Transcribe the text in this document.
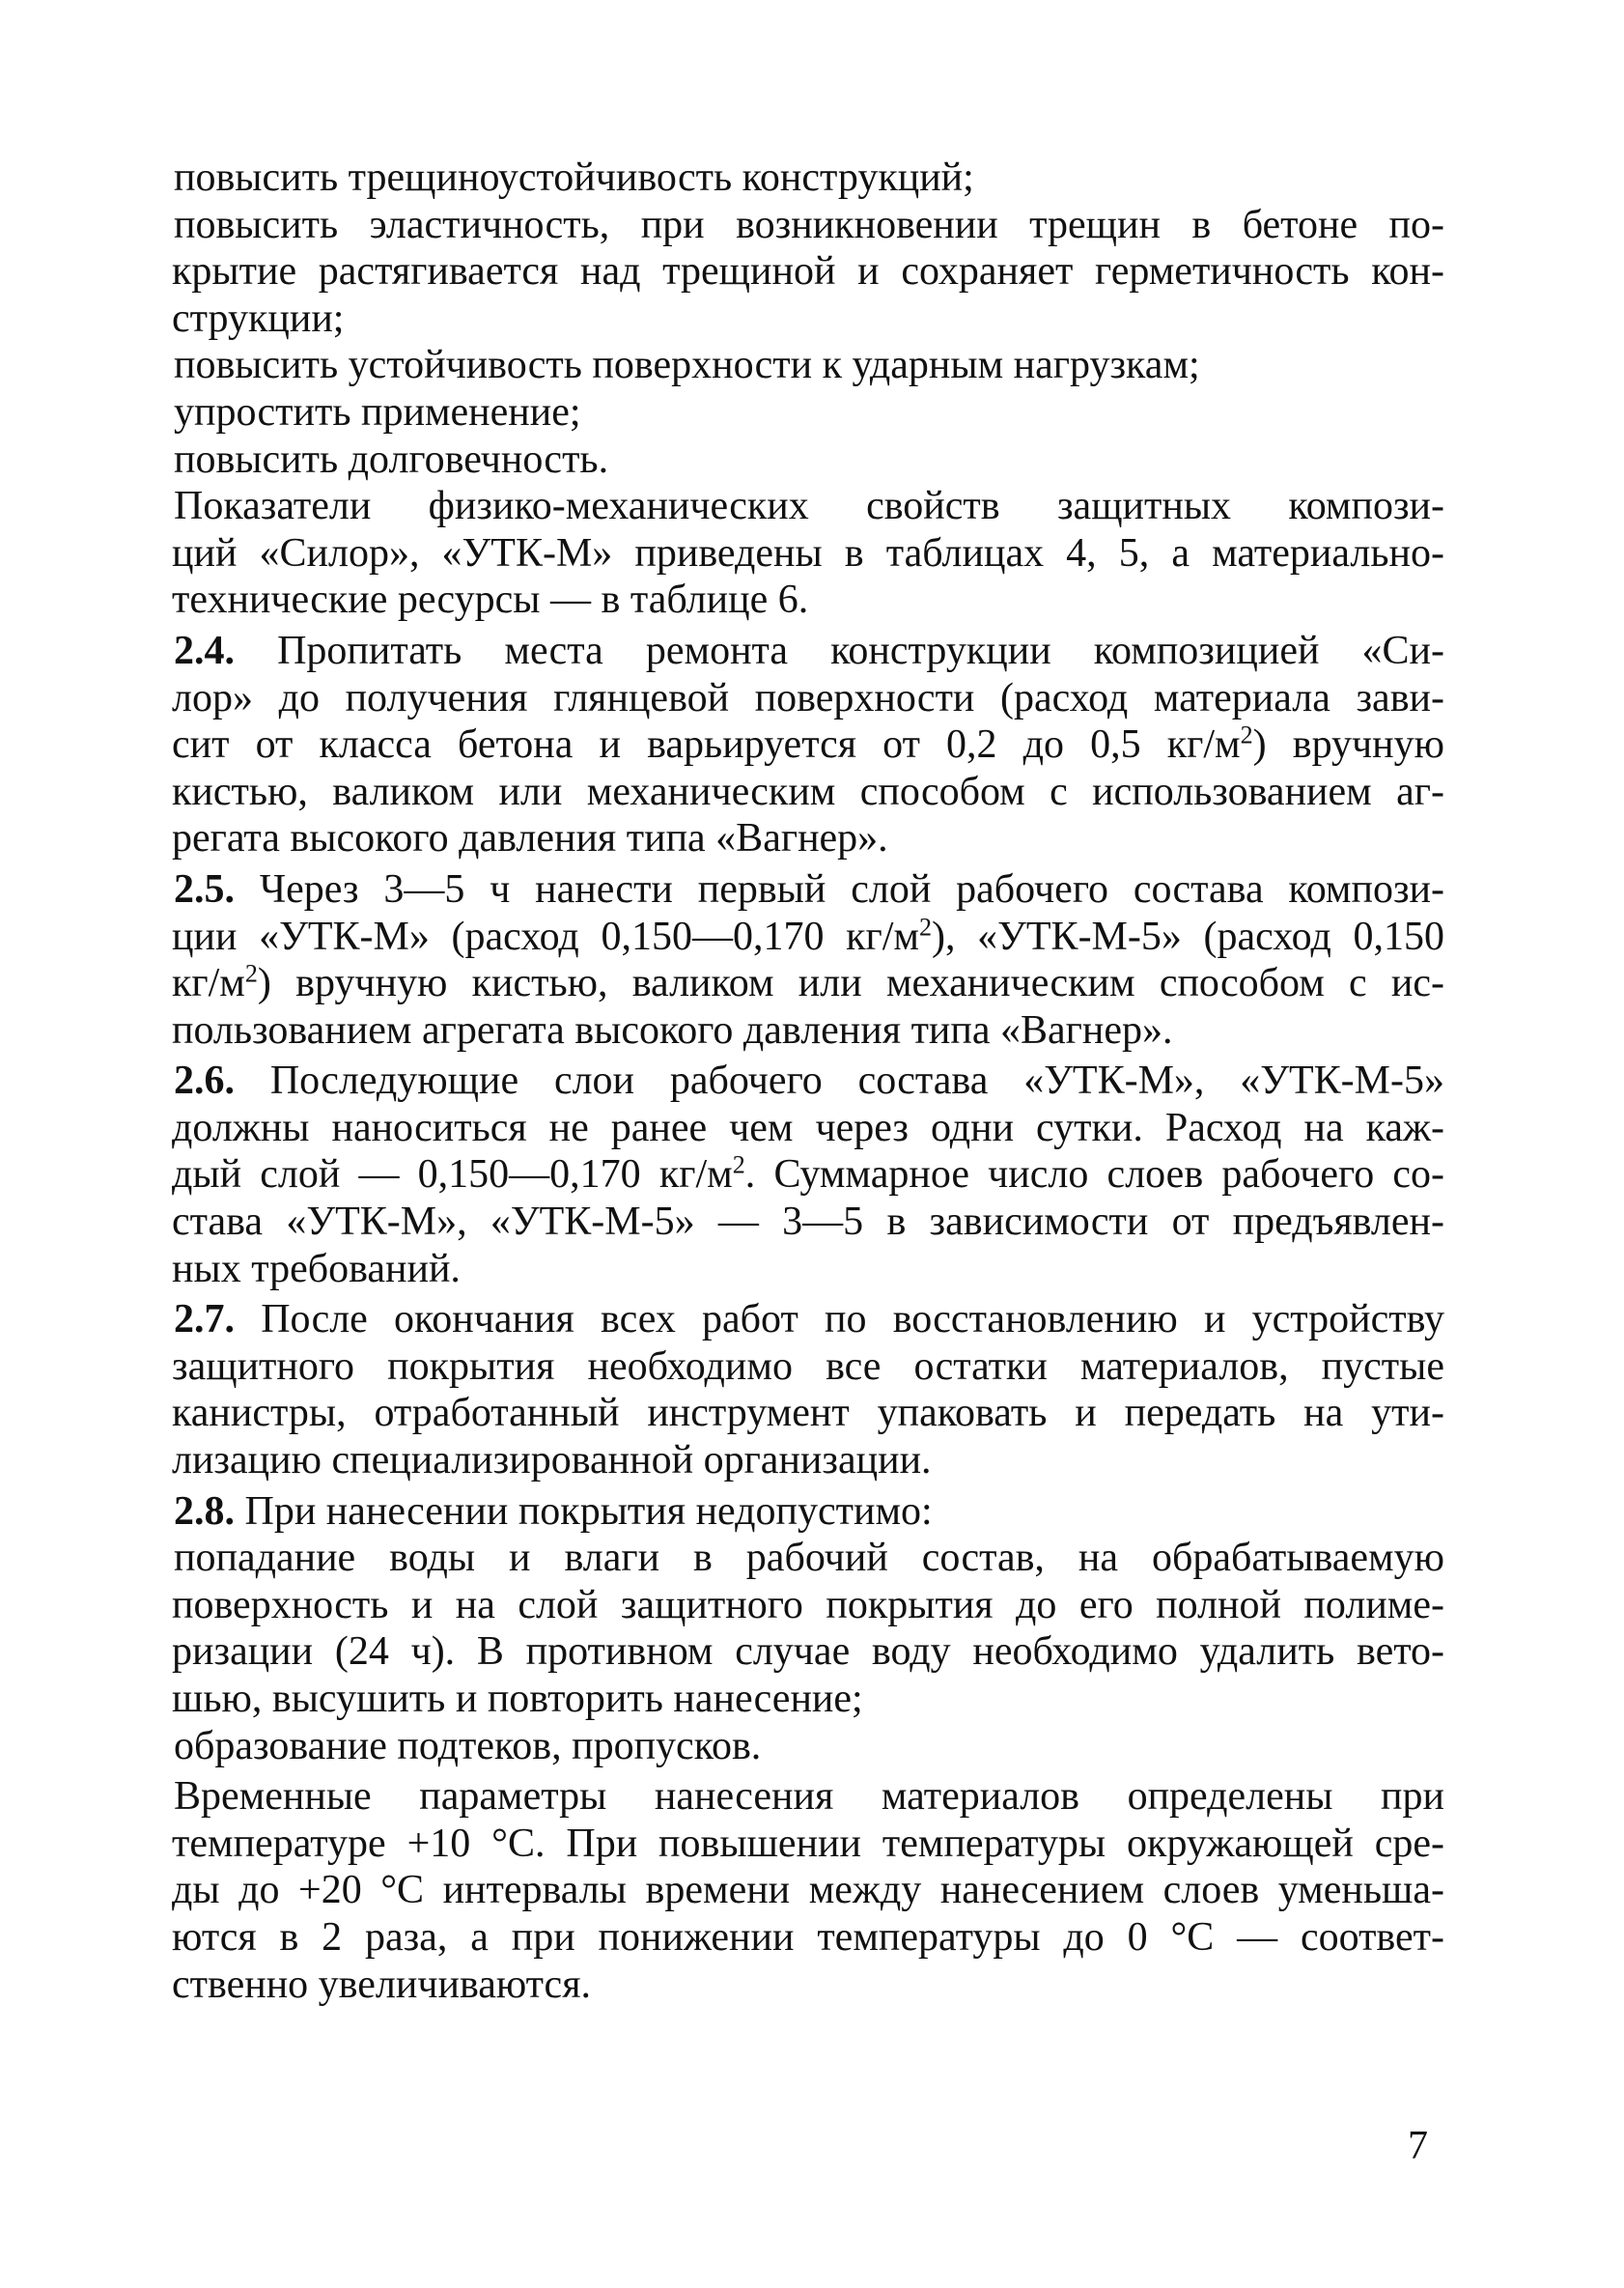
повысить трещиноустойчивость конструкций;

повысить эластичность, при возникновении трещин в бетоне по-

крытие растягивается над трещиной и сохраняет герметичность кон-

струкции;

повысить устойчивость поверхности к ударным нагрузкам;

упростить применение;

повысить долговечность.

Показатели физико-механических свойств защитных компози-

ций «Силор», «УТК-М» приведены в таблицах 4, 5, а материально-

технические ресурсы — в таблице 6.

2.4. Пропитать места ремонта конструкции композицией «Си-

лор» до получения глянцевой поверхности (расход материала зави-

сит от класса бетона и варьируется от 0,2 до 0,5 $кг/м^2$) вручную

кистью, валиком или механическим способом с использованием аг-

регата высокого давления типа «Вагнер».

2.5. Через 3—5 ч нанести первый слой рабочего состава компози-

ции «УТК-М» (расход 0,150—0,170 $кг/м^2$), «УТК-М-5» (расход 0,150

$кг/м^2$) вручную кистью, валиком или механическим способом с ис-

пользованием агрегата высокого давления типа «Вагнер».

2.6. Последующие слои рабочего состава «УТК-М», «УТК-М-5»

должны наноситься не ранее чем через одни сутки. Расход на каж-

дый слой — 0,150—0,170 $кг/м^2$. Суммарное число слоев рабочего со-

става «УТК-М», «УТК-М-5» — 3—5 в зависимости от предъявлен-

ных требований.

2.7. После окончания всех работ по восстановлению и устройству

защитного покрытия необходимо все остатки материалов, пустые

канистры, отработанный инструмент упаковать и передать на ути-

лизацию специализированной организации.

2.8. При нанесении покрытия недопустимо:

попадание воды и влаги в рабочий состав, на обрабатываемую

поверхность и на слой защитного покрытия до его полной полиме-

ризации (24 ч). В противном случае воду необходимо удалить вето-

шью, высушить и повторить нанесение;

образование подтеков, пропусков.

Временные параметры нанесения материалов определены при

температуре +10 °С. При повышении температуры окружающей сре-

ды до +20 °С интервалы времени между нанесением слоев уменьша-

ются в 2 раза, а при понижении температуры до 0 °С — соответ-

ственно увеличиваются.

7
